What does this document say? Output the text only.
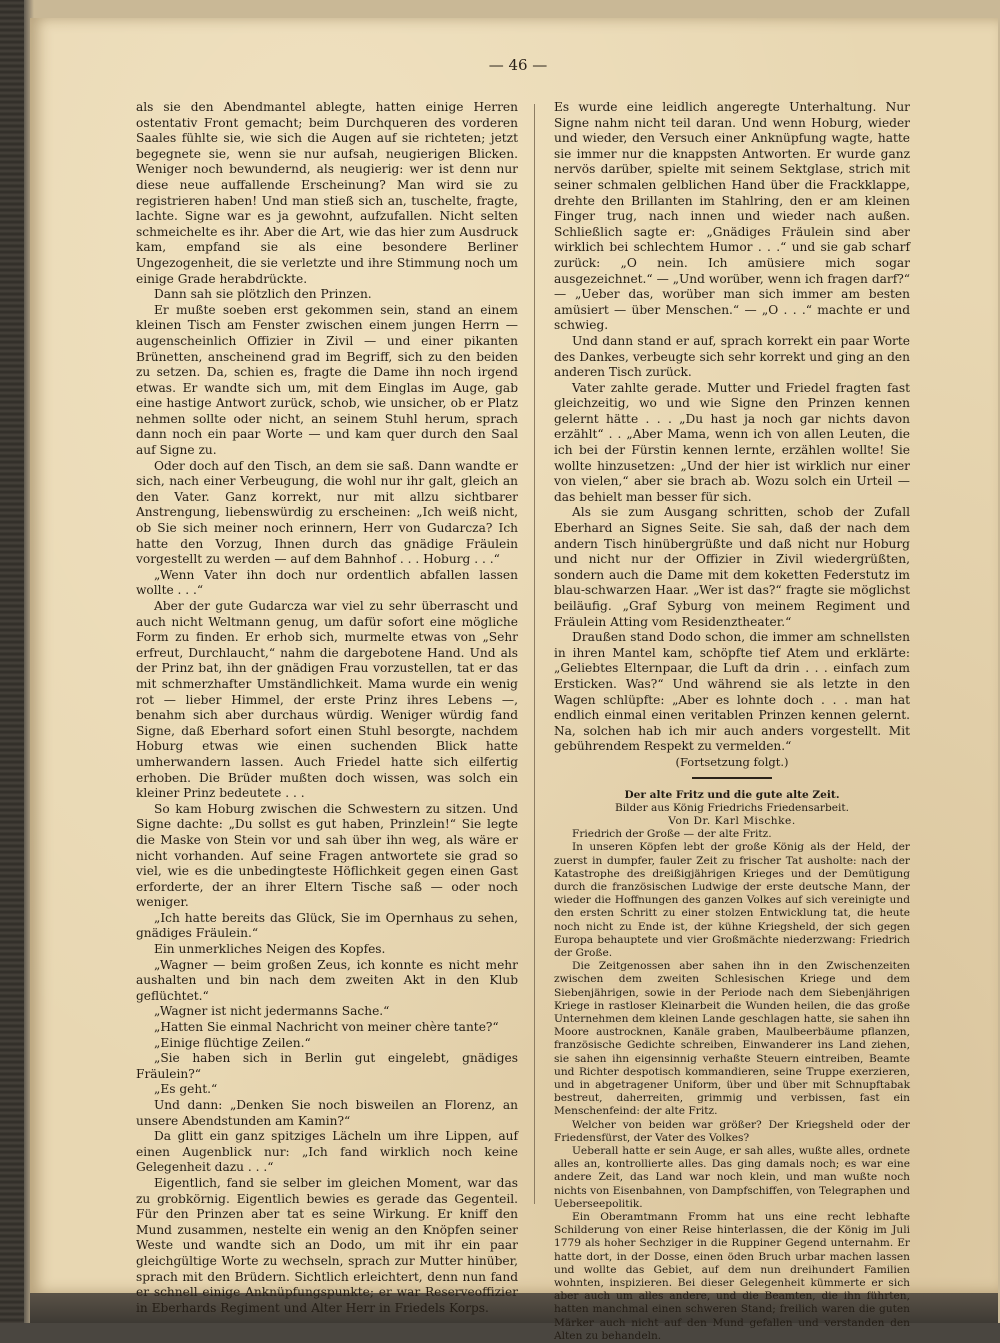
— 46 —

als sie den Abendmantel ablegte, hatten einige Herren ostentativ Front gemacht; beim Durchqueren des vorderen Saales fühlte sie, wie sich die Augen auf sie richteten; jetzt begegnete sie, wenn sie nur aufsah, neugierigen Blicken. Weniger noch bewundernd, als neugierig: wer ist denn nur diese neue auffallende Erscheinung? Man wird sie zu registrieren haben! Und man stieß sich an, tuschelte, fragte, lachte. Signe war es ja gewohnt, aufzufallen. Nicht selten schmeichelte es ihr. Aber die Art, wie das hier zum Ausdruck kam, empfand sie als eine besondere Berliner Ungezogenheit, die sie verletzte und ihre Stimmung noch um einige Grade herabdrückte.

Dann sah sie plötzlich den Prinzen.

Er mußte soeben erst gekommen sein, stand an einem kleinen Tisch am Fenster zwischen einem jungen Herrn — augenscheinlich Offizier in Zivil — und einer pikanten Brünetten, anscheinend grad im Begriff, sich zu den beiden zu setzen. Da, schien es, fragte die Dame ihn noch irgend etwas. Er wandte sich um, mit dem Einglas im Auge, gab eine hastige Antwort zurück, schob, wie unsicher, ob er Platz nehmen sollte oder nicht, an seinem Stuhl herum, sprach dann noch ein paar Worte — und kam quer durch den Saal auf Signe zu.

Oder doch auf den Tisch, an dem sie saß. Dann wandte er sich, nach einer Verbeugung, die wohl nur ihr galt, gleich an den Vater. Ganz korrekt, nur mit allzu sichtbarer Anstrengung, liebenswürdig zu erscheinen: „Ich weiß nicht, ob Sie sich meiner noch erinnern, Herr von Gudarcza? Ich hatte den Vorzug, Ihnen durch das gnädige Fräulein vorgestellt zu werden — auf dem Bahnhof . . . Hoburg . . .“

„Wenn Vater ihn doch nur ordentlich abfallen lassen wollte . . .“

Aber der gute Gudarcza war viel zu sehr überrascht und auch nicht Weltmann genug, um dafür sofort eine mögliche Form zu finden. Er erhob sich, murmelte etwas von „Sehr erfreut, Durchlaucht,“ nahm die dargebotene Hand. Und als der Prinz bat, ihn der gnädigen Frau vorzustellen, tat er das mit schmerzhafter Umständlichkeit. Mama wurde ein wenig rot — lieber Himmel, der erste Prinz ihres Lebens —, benahm sich aber durchaus würdig. Weniger würdig fand Signe, daß Eberhard sofort einen Stuhl besorgte, nachdem Hoburg etwas wie einen suchenden Blick hatte umherwandern lassen. Auch Friedel hatte sich eilfertig erhoben. Die Brüder mußten doch wissen, was solch ein kleiner Prinz bedeutete . . .

So kam Hoburg zwischen die Schwestern zu sitzen. Und Signe dachte: „Du sollst es gut haben, Prinzlein!“ Sie legte die Maske von Stein vor und sah über ihn weg, als wäre er nicht vorhanden. Auf seine Fragen antwortete sie grad so viel, wie es die unbedingteste Höflichkeit gegen einen Gast erforderte, der an ihrer Eltern Tische saß — oder noch weniger.

„Ich hatte bereits das Glück, Sie im Opernhaus zu sehen, gnädiges Fräulein.“

Ein unmerkliches Neigen des Kopfes.

„Wagner — beim großen Zeus, ich konnte es nicht mehr aushalten und bin nach dem zweiten Akt in den Klub geflüchtet.“

„Wagner ist nicht jedermanns Sache.“

„Hatten Sie einmal Nachricht von meiner chère tante?“

„Einige flüchtige Zeilen.“

„Sie haben sich in Berlin gut eingelebt, gnädiges Fräulein?“

„Es geht.“

Und dann: „Denken Sie noch bisweilen an Florenz, an unsere Abendstunden am Kamin?“

Da glitt ein ganz spitziges Lächeln um ihre Lippen, auf einen Augenblick nur: „Ich fand wirklich noch keine Gelegenheit dazu . . .“

Eigentlich, fand sie selber im gleichen Moment, war das zu grobkörnig. Eigentlich bewies es gerade das Gegenteil. Für den Prinzen aber tat es seine Wirkung. Er kniff den Mund zusammen, nestelte ein wenig an den Knöpfen seiner Weste und wandte sich an Dodo, um mit ihr ein paar gleichgültige Worte zu wechseln, sprach zur Mutter hinüber, sprach mit den Brüdern. Sichtlich erleichtert, denn nun fand er schnell einige Anknüpfungspunkte; er war Reserveoffizier in Eberhards Regiment und Alter Herr in Friedels Korps.

Es wurde eine leidlich angeregte Unterhaltung. Nur Signe nahm nicht teil daran. Und wenn Hoburg, wieder und wieder, den Versuch einer Anknüpfung wagte, hatte sie immer nur die knappsten Antworten. Er wurde ganz nervös darüber, spielte mit seinem Sektglase, strich mit seiner schmalen gelblichen Hand über die Frackklappe, drehte den Brillanten im Stahlring, den er am kleinen Finger trug, nach innen und wieder nach außen. Schließlich sagte er: „Gnädiges Fräulein sind aber wirklich bei schlechtem Humor . . .“ und sie gab scharf zurück: „O nein. Ich amüsiere mich sogar ausgezeichnet.“ — „Und worüber, wenn ich fragen darf?“ — „Ueber das, worüber man sich immer am besten amüsiert — über Menschen.“ — „O . . .“ machte er und schwieg.

Und dann stand er auf, sprach korrekt ein paar Worte des Dankes, verbeugte sich sehr korrekt und ging an den anderen Tisch zurück.

Vater zahlte gerade. Mutter und Friedel fragten fast gleichzeitig, wo und wie Signe den Prinzen kennen gelernt hätte . . . „Du hast ja noch gar nichts davon erzählt“ . . „Aber Mama, wenn ich von allen Leuten, die ich bei der Fürstin kennen lernte, erzählen wollte! Sie wollte hinzusetzen: „Und der hier ist wirklich nur einer von vielen,“ aber sie brach ab. Wozu solch ein Urteil — das behielt man besser für sich.

Als sie zum Ausgang schritten, schob der Zufall Eberhard an Signes Seite. Sie sah, daß der nach dem andern Tisch hinübergrüßte und daß nicht nur Hoburg und nicht nur der Offizier in Zivil wiedergrüßten, sondern auch die Dame mit dem koketten Federstutz im blau-schwarzen Haar. „Wer ist das?“ fragte sie möglichst beiläufig. „Graf Syburg von meinem Regiment und Fräulein Atting vom Residenztheater.“

Draußen stand Dodo schon, die immer am schnellsten in ihren Mantel kam, schöpfte tief Atem und erklärte: „Geliebtes Elternpaar, die Luft da drin . . . einfach zum Ersticken. Was?“ Und während sie als letzte in den Wagen schlüpfte: „Aber es lohnte doch . . . man hat endlich einmal einen veritablen Prinzen kennen gelernt. Na, solchen hab ich mir auch anders vorgestellt. Mit gebührendem Respekt zu vermelden.“

(Fortsetzung folgt.)

Der alte Fritz und die gute alte Zeit.

Bilder aus König Friedrichs Friedensarbeit.

Von Dr. Karl Mischke.

Friedrich der Große — der alte Fritz.

In unseren Köpfen lebt der große König als der Held, der zuerst in dumpfer, fauler Zeit zu frischer Tat ausholte: nach der Katastrophe des dreißigjährigen Krieges und der Demütigung durch die französischen Ludwige der erste deutsche Mann, der wieder die Hoffnungen des ganzen Volkes auf sich vereinigte und den ersten Schritt zu einer stolzen Entwicklung tat, die heute noch nicht zu Ende ist, der kühne Kriegsheld, der sich gegen Europa behauptete und vier Großmächte niederzwang: Friedrich der Große.

Die Zeitgenossen aber sahen ihn in den Zwischenzeiten zwischen dem zweiten Schlesischen Kriege und dem Siebenjährigen, sowie in der Periode nach dem Siebenjährigen Kriege in rastloser Kleinarbeit die Wunden heilen, die das große Unternehmen dem kleinen Lande geschlagen hatte, sie sahen ihn Moore austrocknen, Kanäle graben, Maulbeerbäume pflanzen, französische Gedichte schreiben, Einwanderer ins Land ziehen, sie sahen ihn eigensinnig verhaßte Steuern eintreiben, Beamte und Richter despotisch kommandieren, seine Truppe exerzieren, und in abgetragener Uniform, über und über mit Schnupftabak bestreut, daherreiten, grimmig und verbissen, fast ein Menschenfeind: der alte Fritz.

Welcher von beiden war größer? Der Kriegsheld oder der Friedensfürst, der Vater des Volkes?

Ueberall hatte er sein Auge, er sah alles, wußte alles, ordnete alles an, kontrollierte alles. Das ging damals noch; es war eine andere Zeit, das Land war noch klein, und man wußte noch nichts von Eisenbahnen, von Dampfschiffen, von Telegraphen und Ueberseepolitik.

Ein Oberamtmann Fromm hat uns eine recht lebhafte Schilderung von einer Reise hinterlassen, die der König im Juli 1779 als hoher Sechziger in die Ruppiner Gegend unternahm. Er hatte dort, in der Dosse, einen öden Bruch urbar machen lassen und wollte das Gebiet, auf dem nun dreihundert Familien wohnten, inspizieren. Bei dieser Gelegenheit kümmerte er sich aber auch um alles andere, und die Beamten, die ihn führten, hatten manchmal einen schweren Stand; freilich waren die guten Märker auch nicht auf den Mund gefallen und verstanden den Alten zu behandeln.
